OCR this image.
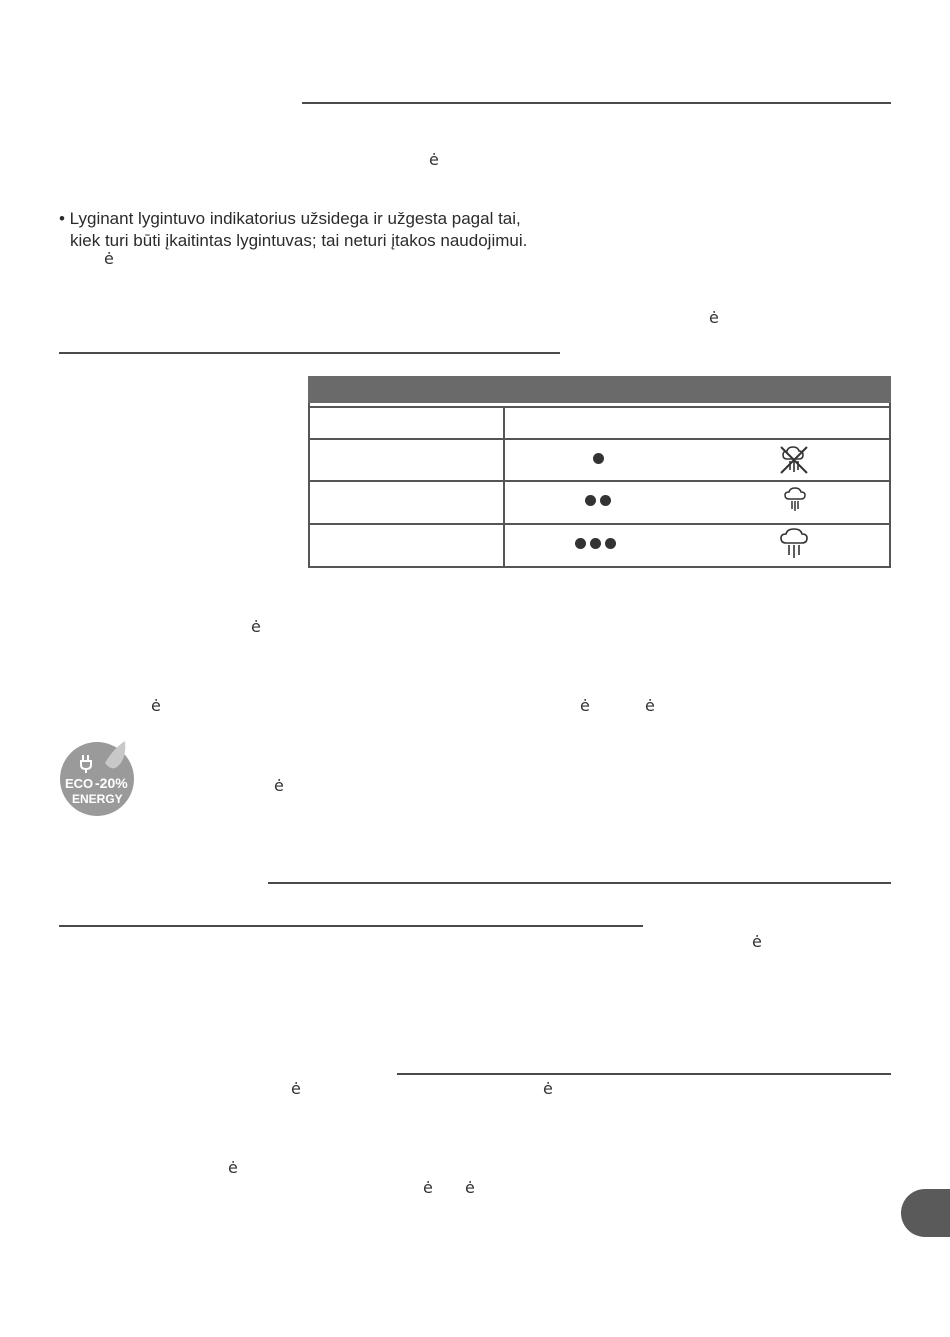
ė
ė
ė
ė
ė	ė	ė
ė
ė
ė	ė
ė
ė ė
• Lyginant lygintuvo indikatorius užsidega ir užgesta pagal tai,
kiek turi būti įkaitintas lygintuvas; tai neturi įtakos naudojimui.
ECO -20%
ENERGY
